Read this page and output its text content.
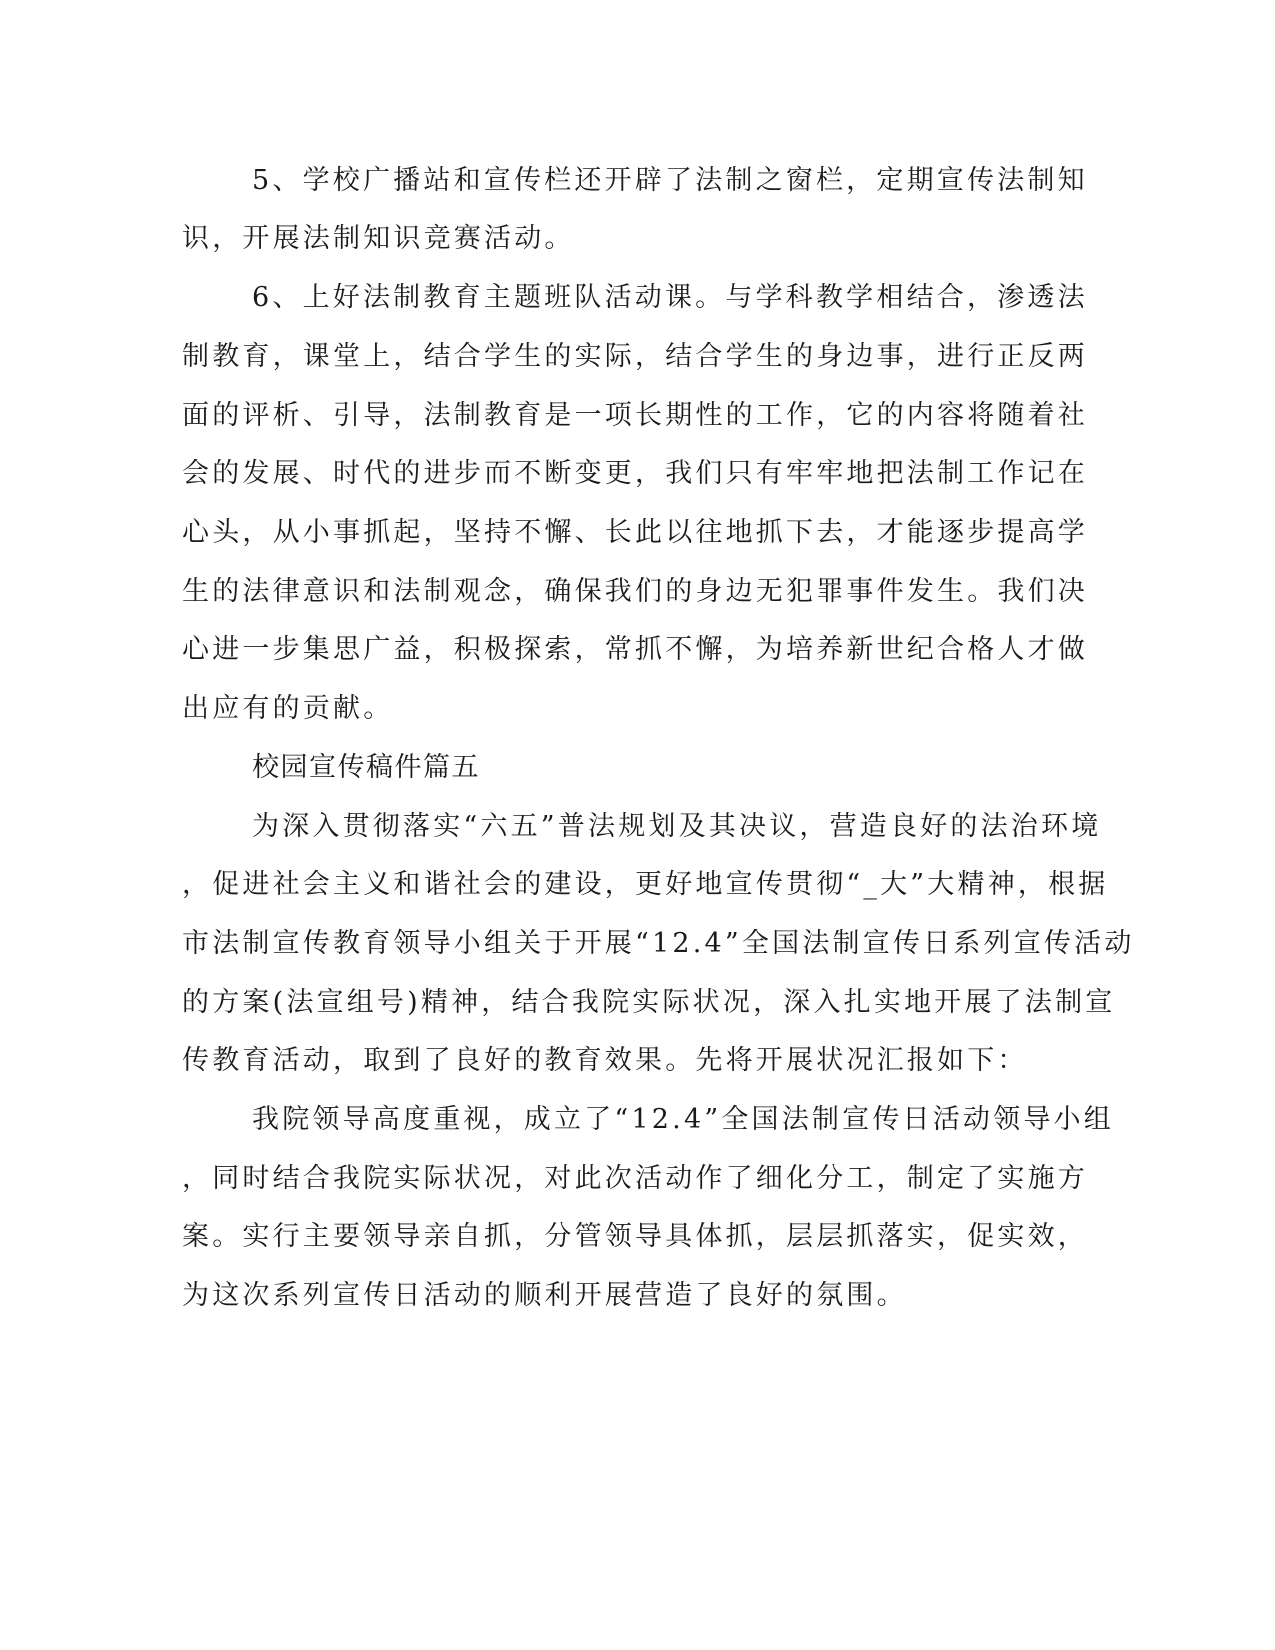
5、学校广播站和宣传栏还开辟了法制之窗栏，定期宣传法制知

识，开展法制知识竞赛活动。

6、上好法制教育主题班队活动课。与学科教学相结合，渗透法

制教育，课堂上，结合学生的实际，结合学生的身边事，进行正反两

面的评析、引导，法制教育是一项长期性的工作，它的内容将随着社

会的发展、时代的进步而不断变更，我们只有牢牢地把法制工作记在

心头，从小事抓起，坚持不懈、长此以往地抓下去，才能逐步提高学

生的法律意识和法制观念，确保我们的身边无犯罪事件发生。我们决

心进一步集思广益，积极探索，常抓不懈，为培养新世纪合格人才做

出应有的贡献。

校园宣传稿件篇五

为深入贯彻落实“六五”普法规划及其决议，营造良好的法治环境

，促进社会主义和谐社会的建设，更好地宣传贯彻“_大”大精神，根据

市法制宣传教育领导小组关于开展“12.4”全国法制宣传日系列宣传活动

的方案(法宣组号)精神，结合我院实际状况，深入扎实地开展了法制宣

传教育活动，取到了良好的教育效果。先将开展状况汇报如下：

我院领导高度重视，成立了“12.4”全国法制宣传日活动领导小组

，同时结合我院实际状况，对此次活动作了细化分工，制定了实施方

案。实行主要领导亲自抓，分管领导具体抓，层层抓落实，促实效，

为这次系列宣传日活动的顺利开展营造了良好的氛围。
